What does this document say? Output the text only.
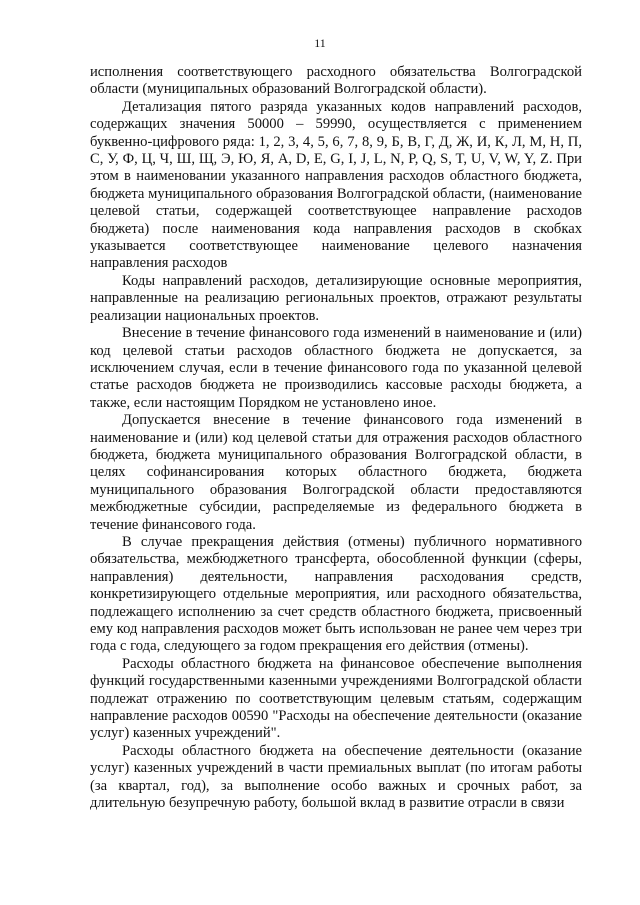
11

исполнения соответствующего расходного обязательства Волгоградской области (муниципальных образований Волгоградской области).

Детализация пятого разряда указанных кодов направлений расходов, содержащих значения 50000 – 59990, осуществляется с применением буквенно-цифрового ряда: 1, 2, 3, 4, 5, 6, 7, 8, 9, Б, В, Г, Д, Ж, И, К, Л, М, Н, П, С, У, Ф, Ц, Ч, Ш, Щ, Э, Ю, Я, A, D, E, G, I, J, L, N, P, Q, S, T, U, V, W, Y, Z. При этом в наименовании указанного направления расходов областного бюджета, бюджета муниципального образования Волгоградской области, (наименование целевой статьи, содержащей соответствующее направление расходов бюджета) после наименования кода направления расходов в скобках указывается соответствующее наименование целевого назначения направления расходов

Коды направлений расходов, детализирующие основные мероприятия, направленные на реализацию региональных проектов, отражают результаты реализации национальных проектов.

Внесение в течение финансового года изменений в наименование и (или) код целевой статьи расходов областного бюджета не допускается, за исключением случая, если в течение финансового года по указанной целевой статье расходов бюджета не производились кассовые расходы бюджета, а также, если настоящим Порядком не установлено иное.

Допускается внесение в течение финансового года изменений в наименование и (или) код целевой статьи для отражения расходов областного бюджета, бюджета муниципального образования Волгоградской области, в целях софинансирования которых областного бюджета, бюджета муниципального образования Волгоградской области предоставляются межбюджетные субсидии, распределяемые из федерального бюджета в течение финансового года.

В случае прекращения действия (отмены) публичного нормативного обязательства, межбюджетного трансферта, обособленной функции (сферы, направления) деятельности, направления расходования средств, конкретизирующего отдельные мероприятия, или расходного обязательства, подлежащего исполнению за счет средств областного бюджета, присвоенный ему код направления расходов может быть использован не ранее чем через три года с года, следующего за годом прекращения его действия (отмены).

Расходы областного бюджета на финансовое обеспечение выполнения функций государственными казенными учреждениями Волгоградской области подлежат отражению по соответствующим целевым статьям, содержащим направление расходов 00590 "Расходы на обеспечение деятельности (оказание услуг) казенных учреждений".

Расходы областного бюджета на обеспечение деятельности (оказание услуг) казенных учреждений в части премиальных выплат (по итогам работы (за квартал, год), за выполнение особо важных и срочных работ, за длительную безупречную работу, большой вклад в развитие отрасли в связи
